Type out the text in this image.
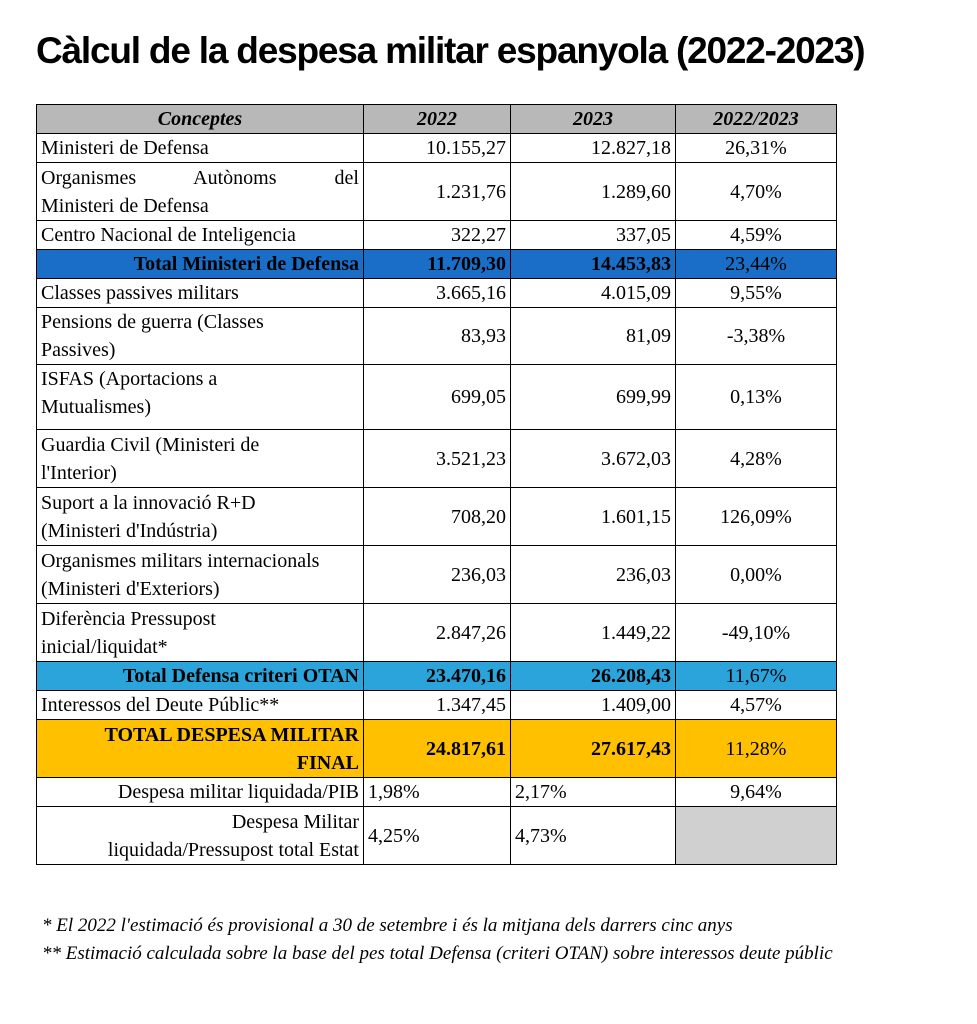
Càlcul de la despesa militar espanyola (2022-2023)
Conceptes	2022	2023	2022/2023
Ministeri de Defensa	10.155,27	12.827,18	26,31%

Organismes Autònoms del
Ministeri de Defensa	1.231,76	1.289,60	4,70%
Centro Nacional de Inteligencia	322,27	337,05	4,59%
Total Ministeri de Defensa	11.709,30	14.453,83	23,44%
Classes passives militars	3.665,16	4.015,09	9,55%

Pensions de guerra (Classes
Passives)	83,93	81,09	-3,38%

ISFAS (Aportacions a
Mutualismes)	699,05	699,99	0,13%

Guardia Civil (Ministeri de
l'Interior)	3.521,23	3.672,03	4,28%

Suport a la innovació R+D
(Ministeri d'Indústria)	708,20	1.601,15	126,09%

Organismes militars internacionals
(Ministeri d'Exteriors)	236,03	236,03	0,00%

Diferència Pressupost
inicial/liquidat*	2.847,26	1.449,22	-49,10%
Total Defensa criteri OTAN	23.470,16	26.208,43	11,67%
Interessos del Deute Públic**	1.347,45	1.409,00	4,57%

TOTAL DESPESA MILITAR
FINAL	24.817,61	27.617,43	11,28%
Despesa militar liquidada/PIB	1,98%	2,17%	9,64%

Despesa Militar
liquidada/Pressupost total Estat	4,25%	4,73%	
* El 2022 l'estimació és provisional a 30 de setembre i és la mitjana dels darrers cinc anys
** Estimació calculada sobre la base del pes total Defensa (criteri OTAN) sobre interessos deute públic
